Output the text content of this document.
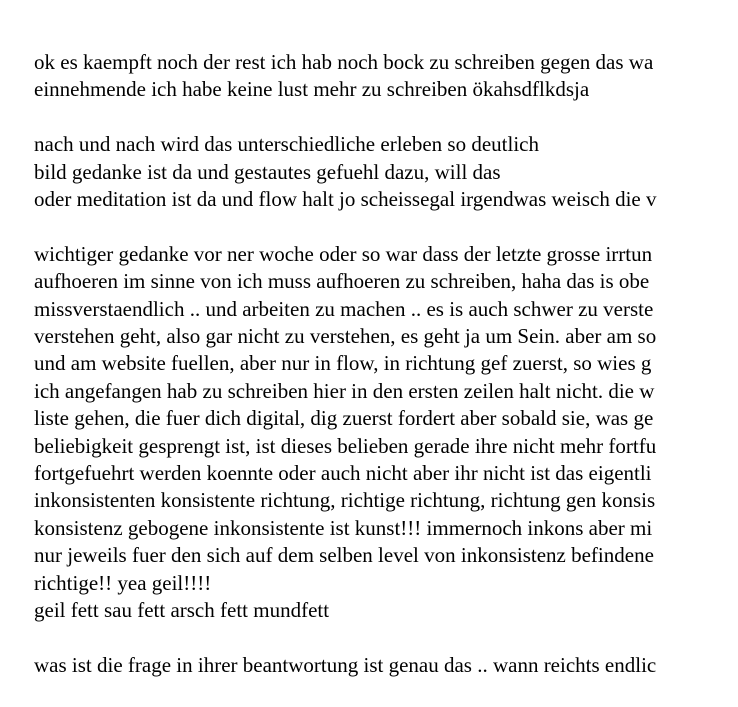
ok es kaempft noch der rest ich hab noch bock zu schreiben gegen das wa
einnehmende ich habe keine lust mehr zu schreiben ökahsdflkdsja
nach und nach wird das unterschiedliche erleben so deutlich
bild gedanke ist da und gestautes gefuehl dazu, will das
oder meditation ist da und flow halt jo scheissegal irgendwas weisch die v
wichtiger gedanke vor ner woche oder so war dass der letzte grosse irrtun
aufhoeren im sinne von ich muss aufhoeren zu schreiben, haha das is obe
missverstaendlich .. und arbeiten zu machen .. es is auch schwer zu verste
verstehen geht, also gar nicht zu verstehen, es geht ja um Sein. aber am so
und am website fuellen, aber nur in flow, in richtung gef zuerst, so wies g
ich angefangen hab zu schreiben hier in den ersten zeilen halt nicht. die w
liste gehen, die fuer dich digital, dig zuerst fordert aber sobald sie, was ge
beliebigkeit gesprengt ist, ist dieses belieben gerade ihre nicht mehr fortfu
fortgefuehrt werden koennte oder auch nicht aber ihr nicht ist das eigentli
inkonsistenten konsistente richtung, richtige richtung, richtung gen konsis
konsistenz gebogene inkonsistente ist kunst!!! immernoch inkons aber mi
nur jeweils fuer den sich auf dem selben level von inkonsistenz befindene
richtige!! yea geil!!!!
geil fett sau fett arsch fett mundfett
was ist die frage in ihrer beantwortung ist genau das .. wann reichts endlic
